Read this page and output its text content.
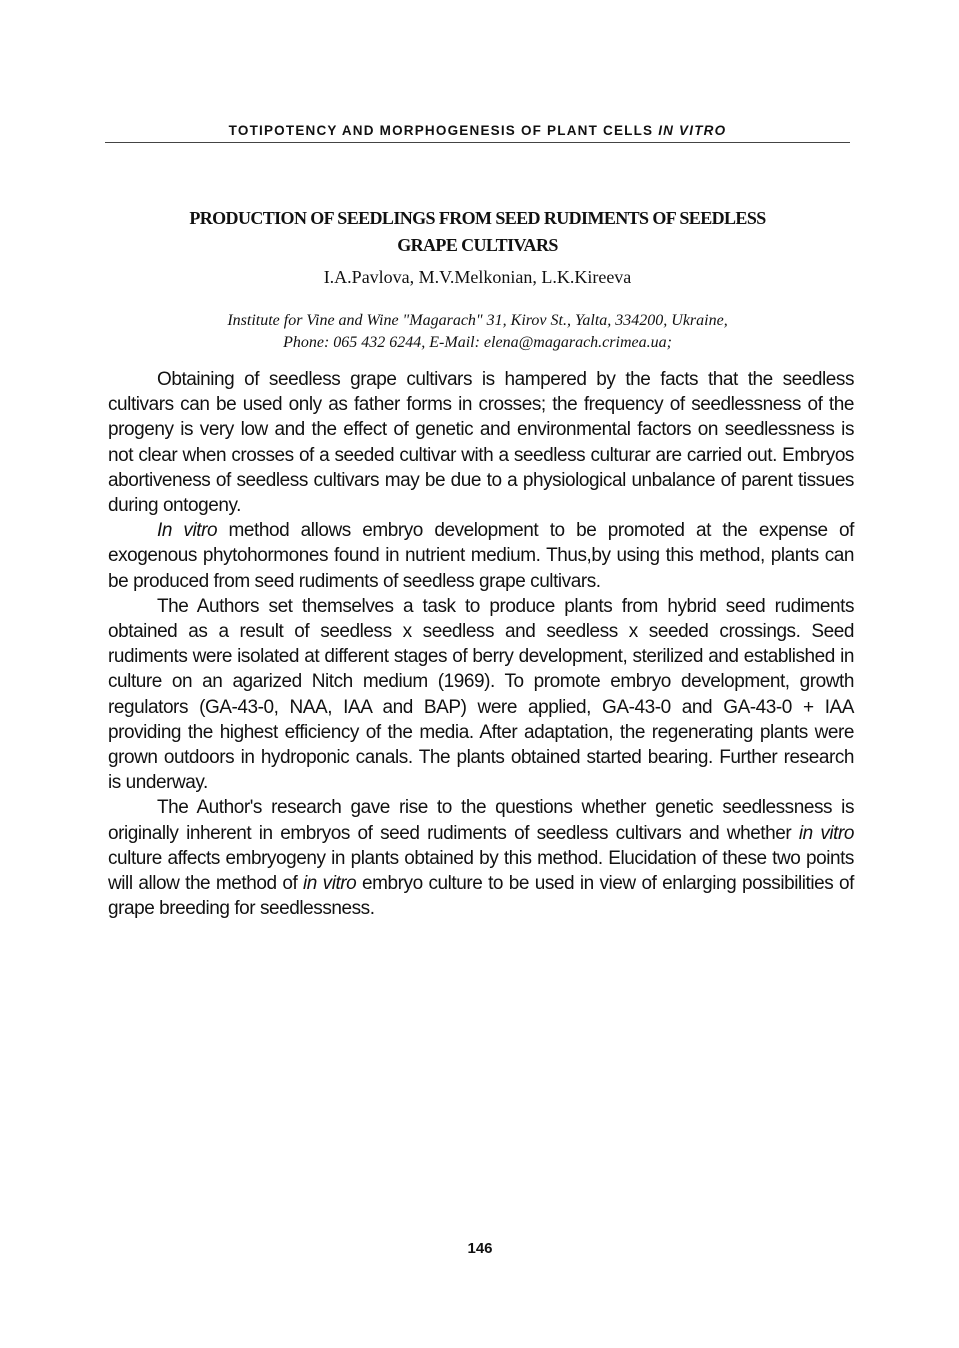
TOTIPOTENCY AND MORPHOGENESIS OF PLANT CELLS IN VITRO
PRODUCTION OF SEEDLINGS FROM SEED RUDIMENTS OF SEEDLESS
GRAPE CULTIVARS
I.A.Pavlova, M.V.Melkonian, L.K.Kireeva
Institute for Vine and Wine "Magarach" 31, Kirov St., Yalta, 334200, Ukraine,
Phone: 065 432 6244, E-Mail: elena@magarach.crimea.ua;

Obtaining of seedless grape cultivars is hampered by the facts that the seedless cultivars can be used only as father forms in crosses; the frequency of seedlessness of the progeny is very low and the effect of genetic and environmental factors on seedlessness is not clear when crosses of a seeded cultivar with a seedless culturar are carried out. Embryos abortiveness of seedless cultivars may be due to a physiological unbalance of parent tissues during ontogeny.

In vitro method allows embryo development to be promoted at the expense of exogenous phytohormones found in nutrient medium. Thus,by using this method, plants can be produced from seed rudiments of seedless grape cultivars.

The Authors set themselves a task to produce plants from hybrid seed rudiments obtained as a result of seedless x seedless and seedless x seeded crossings. Seed rudiments were isolated at different stages of berry development, sterilized and established in culture on an agarized Nitch medium (1969). To promote embryo development, growth regulators (GA-43-0, NAA, IAA and BAP) were applied, GA-43-0 and GA-43-0 + IAA providing the highest efficiency of the media. After adaptation, the regenerating plants were grown outdoors in hydroponic canals. The plants obtained started bearing. Further research is underway.

The Author's research gave rise to the questions whether genetic seedlessness is originally inherent in embryos of seed rudiments of seedless cultivars and whether in vitro culture affects embryogeny in plants obtained by this method. Elucidation of these two points will allow the method of in vitro embryo culture to be used in view of enlarging possibilities of grape breeding for seedlessness.

146
